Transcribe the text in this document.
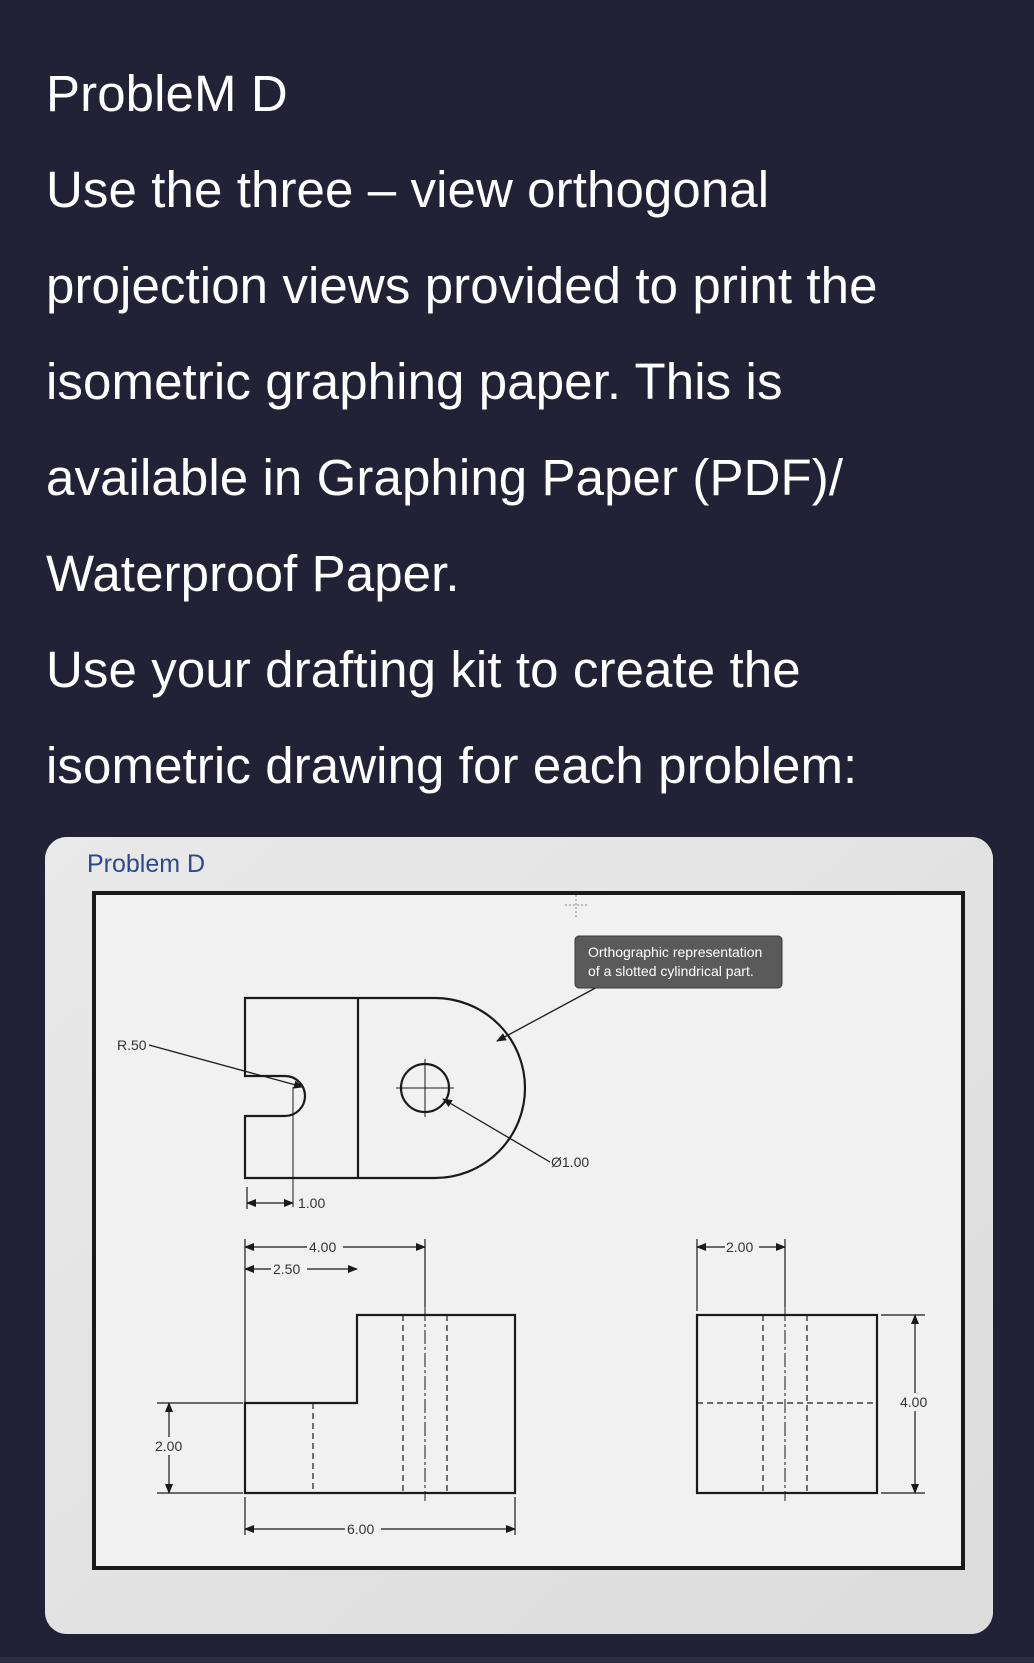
ProbleM D
Use the three – view orthogonal
projection views provided to print the
isometric graphing paper. This is
available in Graphing Paper (PDF)/
Waterproof Paper.
Use your drafting kit to create the
isometric drawing for each problem:
Problem D
R.50
1.00
Ø1.00
Orthographic representation
of a slotted cylindrical part.
4.00
2.50
2.00
6.00
2.00
4.00
